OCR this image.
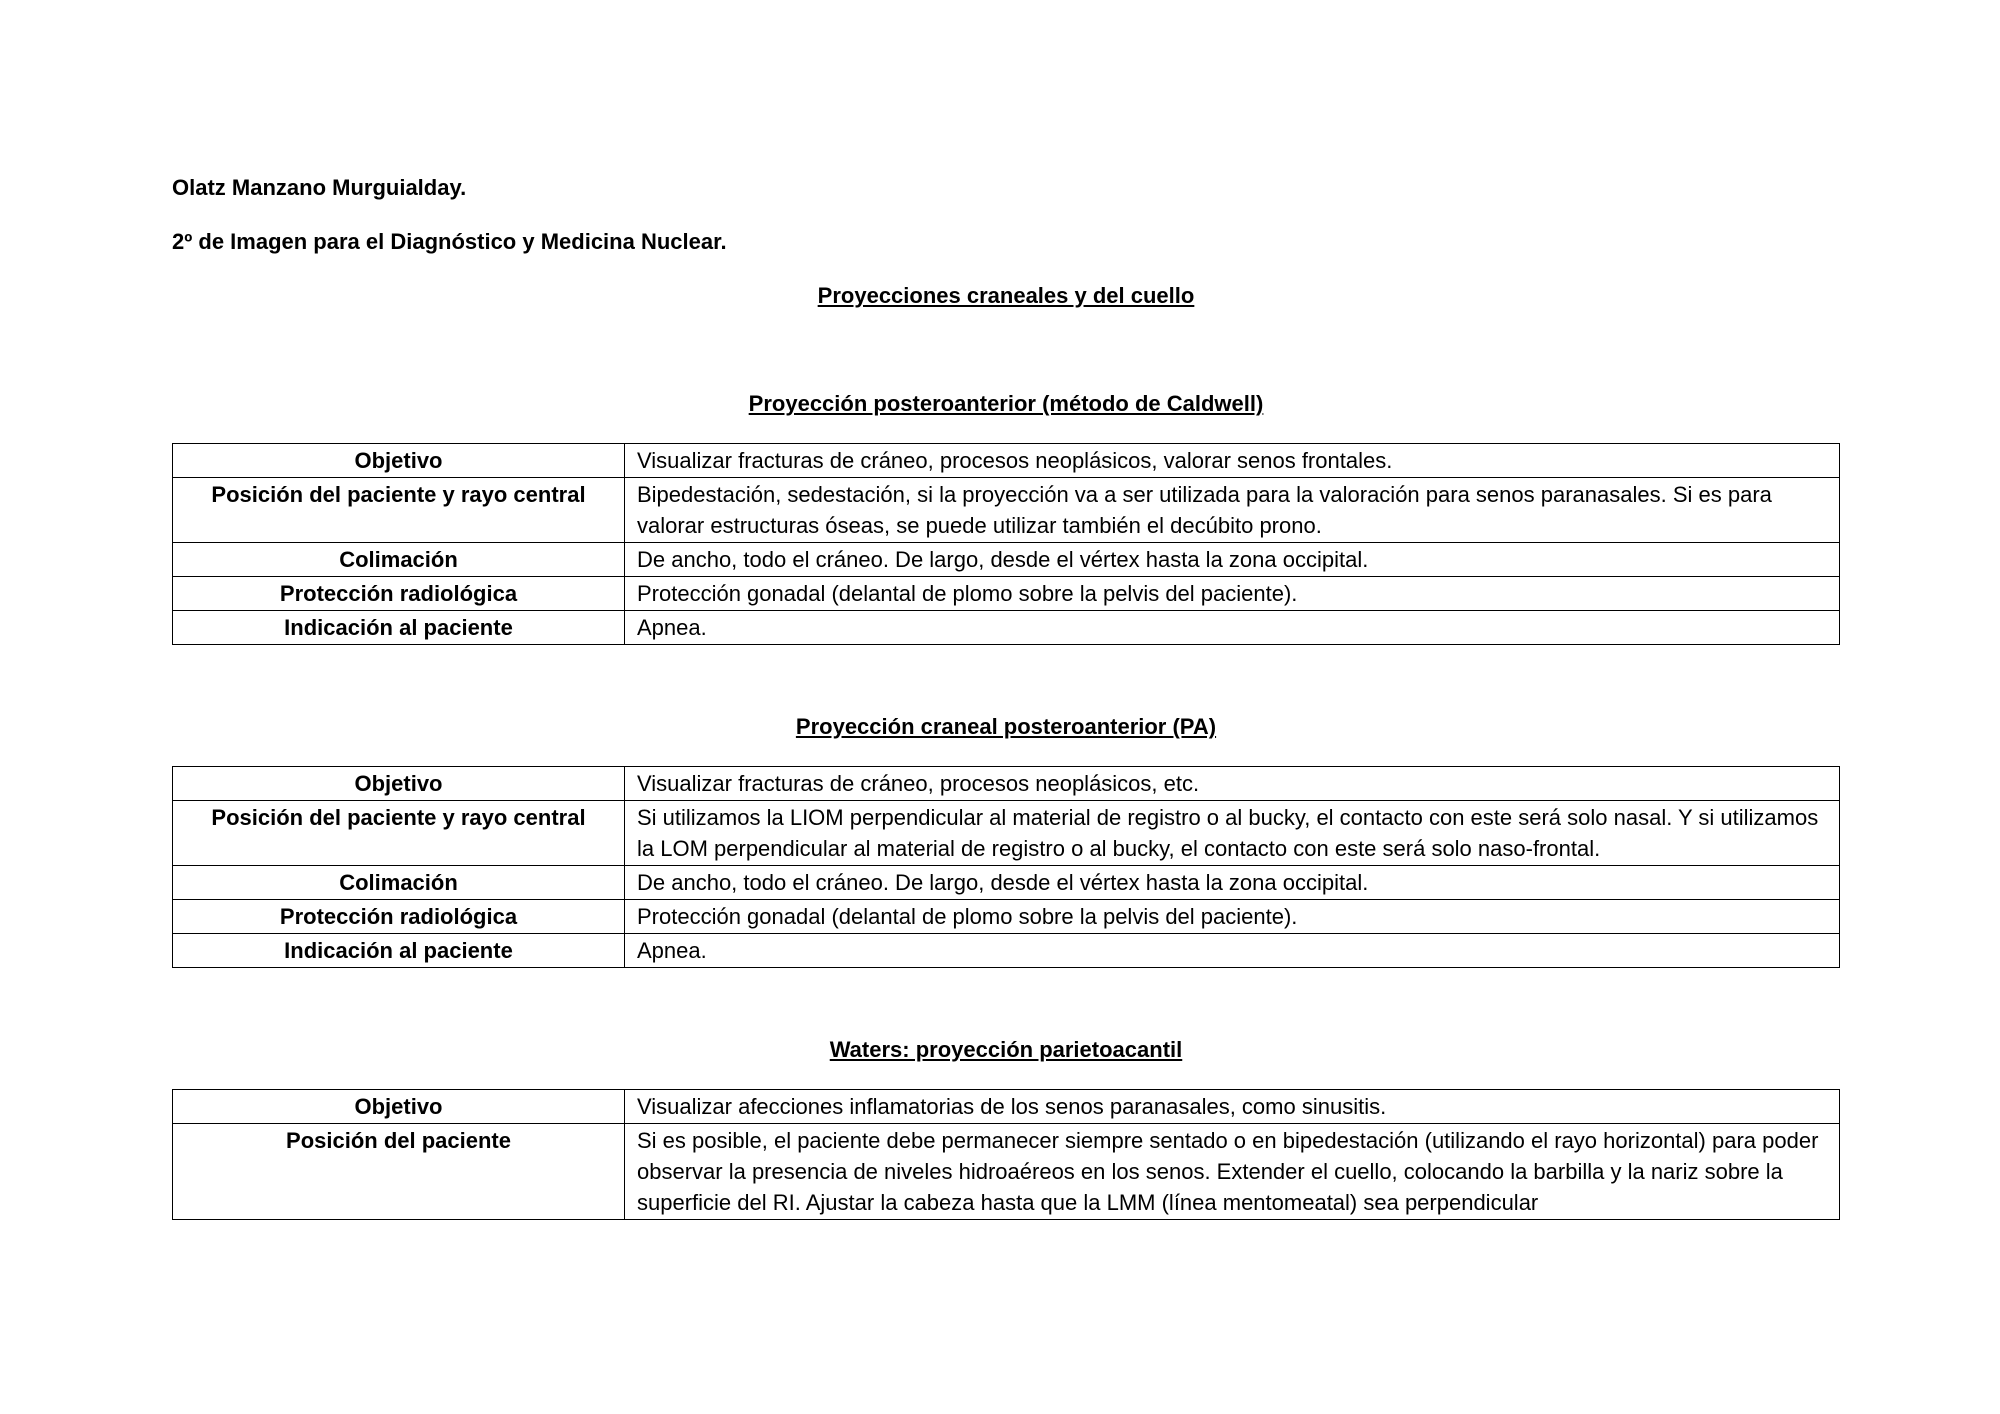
Olatz Manzano Murguialday.

2º de Imagen para el Diagnóstico y Medicina Nuclear.

Proyecciones craneales y del cuello

Proyección posteroanterior (método de Caldwell)

Objetivo	Visualizar fracturas de cráneo, procesos neoplásicos, valorar senos frontales.
Posición del paciente y rayo central	Bipedestación, sedestación, si la proyección va a ser utilizada para la valoración para senos paranasales. Si es para valorar estructuras óseas, se puede utilizar también el decúbito prono.
Colimación	De ancho, todo el cráneo. De largo, desde el vértex hasta la zona occipital.
Protección radiológica	Protección gonadal (delantal de plomo sobre la pelvis del paciente).
Indicación al paciente	Apnea.

Proyección craneal posteroanterior (PA)

Objetivo	Visualizar fracturas de cráneo, procesos neoplásicos, etc.
Posición del paciente y rayo central	Si utilizamos la LIOM perpendicular al material de registro o al bucky, el contacto con este será solo nasal. Y si utilizamos la LOM perpendicular al material de registro o al bucky, el contacto con este será solo naso-frontal.
Colimación	De ancho, todo el cráneo. De largo, desde el vértex hasta la zona occipital.
Protección radiológica	Protección gonadal (delantal de plomo sobre la pelvis del paciente).
Indicación al paciente	Apnea.

Waters: proyección parietoacantil

Objetivo	Visualizar afecciones inflamatorias de los senos paranasales, como sinusitis.
Posición del paciente	Si es posible, el paciente debe permanecer siempre sentado o en bipedestación (utilizando el rayo horizontal) para poder observar la presencia de niveles hidroaéreos en los senos. Extender el cuello, colocando la barbilla y la nariz sobre la superficie del RI. Ajustar la cabeza hasta que la LMM (línea mentomeatal) sea perpendicular
